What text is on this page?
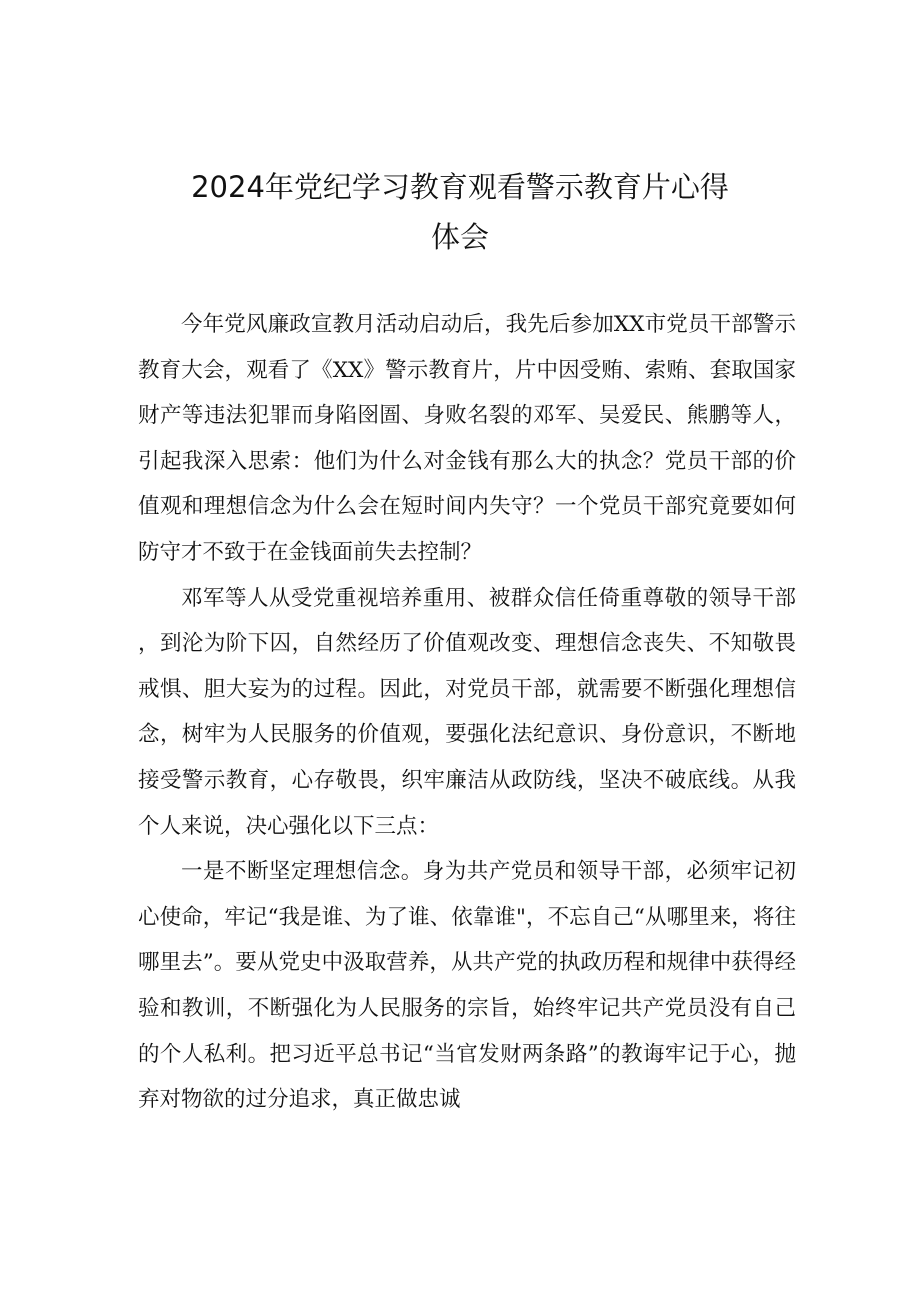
2024年党纪学习教育观看警示教育片心得
体会

今年党风廉政宣教月活动启动后，我先后参加XX市党员干部警示教育大会，观看了《XX》警示教育片，片中因受贿、索贿、套取国家财产等违法犯罪而身陷囹圄、身败名裂的邓军、吴爱民、熊鹏等人，引起我深入思索：他们为什么对金钱有那么大的执念？党员干部的价值观和理想信念为什么会在短时间内失守？一个党员干部究竟要如何防守才不致于在金钱面前失去控制？

邓军等人从受党重视培养重用、被群众信任倚重尊敬的领导干部，到沦为阶下囚，自然经历了价值观改变、理想信念丧失、不知敬畏戒惧、胆大妄为的过程。因此，对党员干部，就需要不断强化理想信念，树牢为人民服务的价值观，要强化法纪意识、身份意识，不断地接受警示教育，心存敬畏，织牢廉洁从政防线，坚决不破底线。从我个人来说，决心强化以下三点：

一是不断坚定理想信念。身为共产党员和领导干部，必须牢记初心使命，牢记“我是谁、为了谁、依靠谁"，不忘自己“从哪里来，将往哪里去”。要从党史中汲取营养，从共产党的执政历程和规律中获得经验和教训，不断强化为人民服务的宗旨，始终牢记共产党员没有自己的个人私利。把习近平总书记“当官发财两条路”的教诲牢记于心，抛弃对物欲的过分追求，真正做忠诚
